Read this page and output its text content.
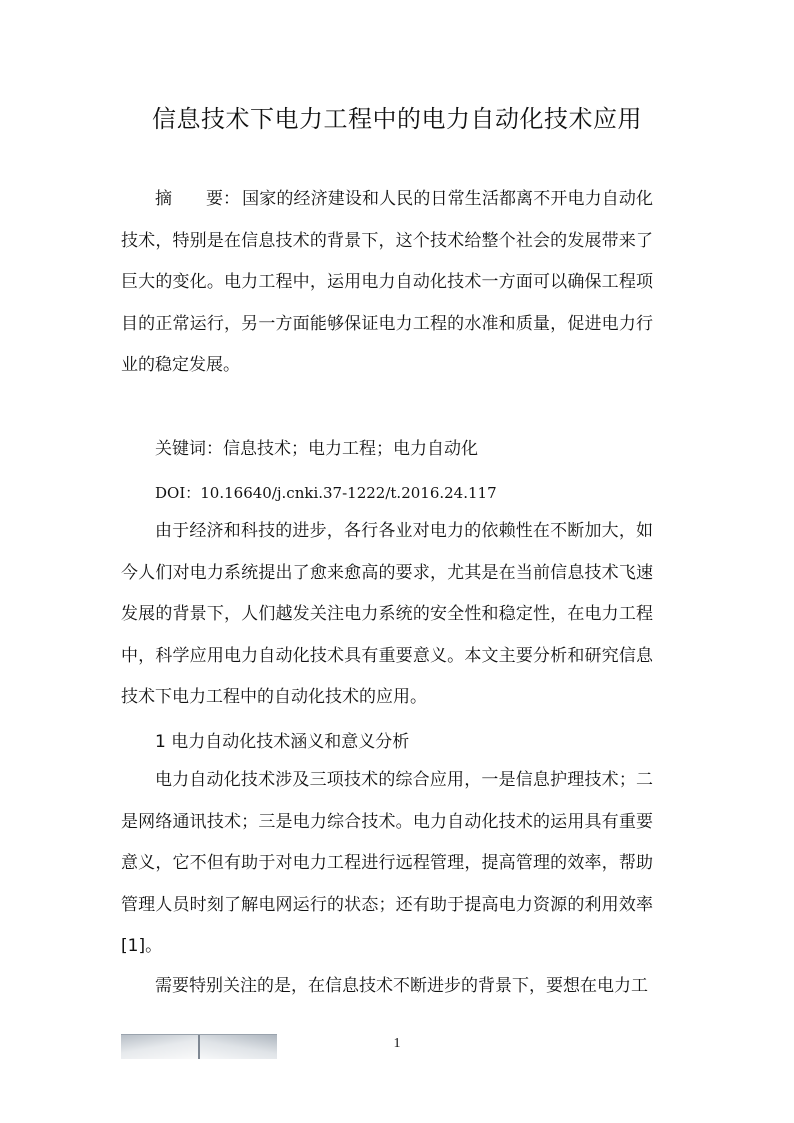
信息技术下电力工程中的电力自动化技术应用

摘　　要： 国家的经济建设和人民的日常生活都离不开电力自动化技术，特别是在信息技术的背景下，这个技术给整个社会的发展带来了巨大的变化。电力工程中，运用电力自动化技术一方面可以确保工程项目的正常运行，另一方面能够保证电力工程的水准和质量，促进电力行业的稳定发展。

关键词：信息技术；电力工程；电力自动化
DOI：10.16640/j.cnki.37-1222/t.2016.24.117

由于经济和科技的进步，各行各业对电力的依赖性在不断加大，如今人们对电力系统提出了愈来愈高的要求，尤其是在当前信息技术飞速发展的背景下，人们越发关注电力系统的安全性和稳定性，在电力工程中，科学应用电力自动化技术具有重要意义。本文主要分析和研究信息技术下电力工程中的自动化技术的应用。

1 电力自动化技术涵义和意义分析

电力自动化技术涉及三项技术的综合应用，一是信息护理技术；二是网络通讯技术；三是电力综合技术。电力自动化技术的运用具有重要意义，它不但有助于对电力工程进行远程管理，提高管理的效率，帮助管理人员时刻了解电网运行的状态；还有助于提高电力资源的利用效率[1]。

需要特别关注的是，在信息技术不断进步的背景下，要想在电力工

1
